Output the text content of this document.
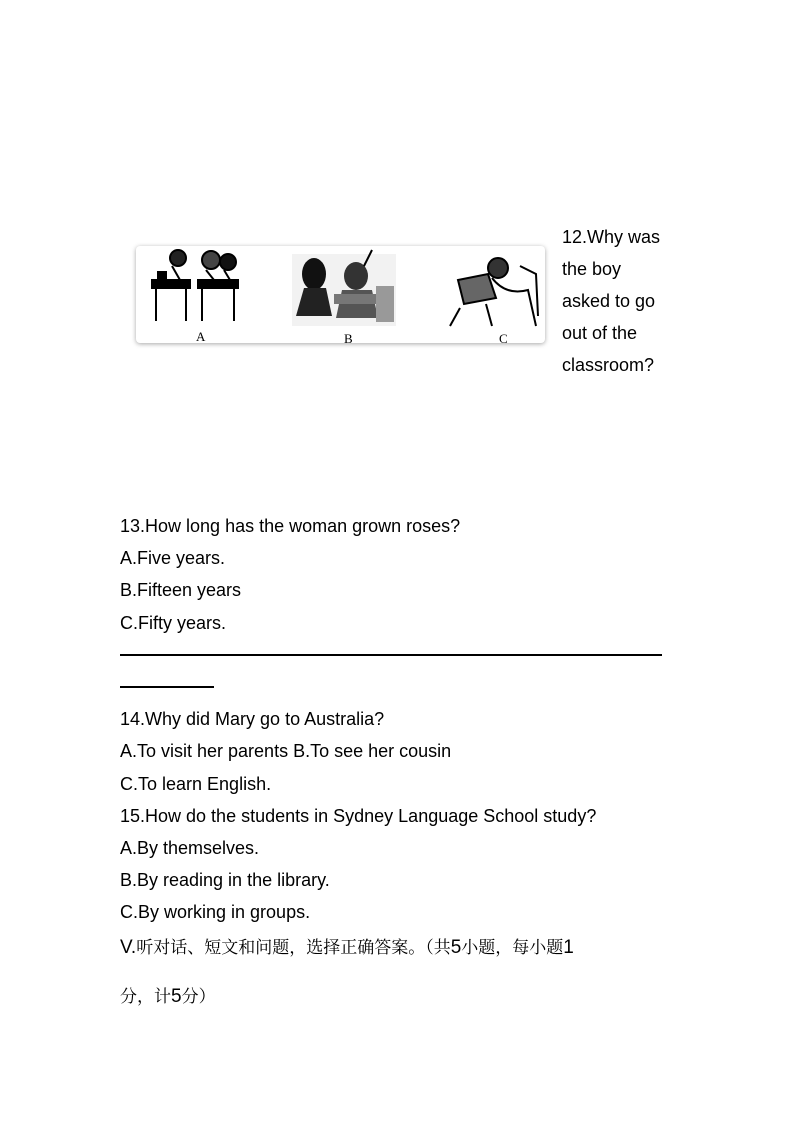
A	B	C
12.Why was
the boy
asked to go
out of the
classroom?
13.How long has the woman grown roses?
A.Five years.
B.Fifteen years
C.Fifty years.
14.Why did Mary go to Australia?
A.To visit her parents B.To see her cousin
C.To learn English.
15.How do the students in Sydney Language School study?
A.By themselves.
B.By reading in the library.
C.By working in groups.
V.听对话、短文和问题，选择正确答案。（共5小题，每小题1
分，计5分）
